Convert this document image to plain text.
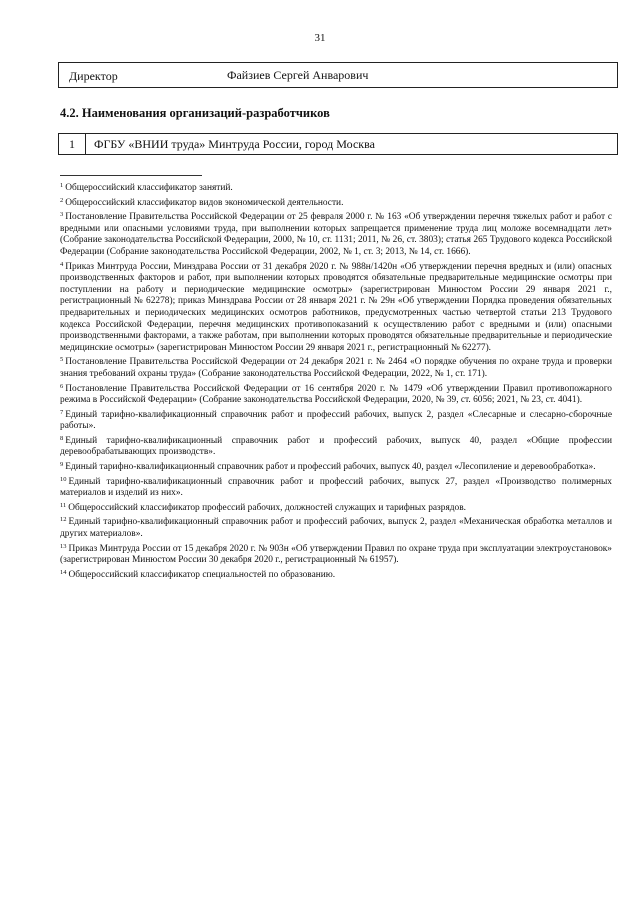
31
Директор	Файзиев Сергей Анварович
4.2. Наименования организаций-разработчиков
1	ФГБУ «ВНИИ труда» Минтруда России, город Москва

$^1$ Общероссийский классификатор занятий.

$^2$ Общероссийский классификатор видов экономической деятельности.

$^3$ Постановление Правительства Российской Федерации от 25 февраля 2000 г. № 163 «Об утверждении перечня тяжелых работ и работ с вредными или опасными условиями труда, при выполнении которых запрещается применение труда лиц моложе восемнадцати лет» (Собрание законодательства Российской Федерации, 2000, № 10, ст. 1131; 2011, № 26, ст. 3803); статья 265 Трудового кодекса Российской Федерации (Собрание законодательства Российской Федерации, 2002, № 1, ст. 3; 2013, № 14, ст. 1666).

$^4$ Приказ Минтруда России, Минздрава России от 31 декабря 2020 г. № 988н/1420н «Об утверждении перечня вредных и (или) опасных производственных факторов и работ, при выполнении которых проводятся обязательные предварительные медицинские осмотры при поступлении на работу и периодические медицинские осмотры» (зарегистрирован Минюстом России 29 января 2021 г., регистрационный № 62278); приказ Минздрава России от 28 января 2021 г. № 29н «Об утверждении Порядка проведения обязательных предварительных и периодических медицинских осмотров работников, предусмотренных частью четвертой статьи 213 Трудового кодекса Российской Федерации, перечня медицинских противопоказаний к осуществлению работ с вредными и (или) опасными производственными факторами, а также работам, при выполнении которых проводятся обязательные предварительные и периодические медицинские осмотры» (зарегистрирован Минюстом России 29 января 2021 г., регистрационный № 62277).

$^5$ Постановление Правительства Российской Федерации от 24 декабря 2021 г. № 2464 «О порядке обучения по охране труда и проверки знания требований охраны труда» (Собрание законодательства Российской Федерации, 2022, № 1, ст. 171).

$^6$ Постановление Правительства Российской Федерации от 16 сентября 2020 г. № 1479 «Об утверждении Правил противопожарного режима в Российской Федерации» (Собрание законодательства Российской Федерации, 2020, № 39, ст. 6056; 2021, № 23, ст. 4041).

$^7$ Единый тарифно-квалификационный справочник работ и профессий рабочих, выпуск 2, раздел «Слесарные и слесарно-сборочные работы».

$^8$ Единый тарифно-квалификационный справочник работ и профессий рабочих, выпуск 40, раздел «Общие профессии деревообрабатывающих производств».

$^9$ Единый тарифно-квалификационный справочник работ и профессий рабочих, выпуск 40, раздел «Лесопиление и деревообработка».

$^{10}$ Единый тарифно-квалификационный справочник работ и профессий рабочих, выпуск 27, раздел «Производство полимерных материалов и изделий из них».

$^{11}$ Общероссийский классификатор профессий рабочих, должностей служащих и тарифных разрядов.

$^{12}$ Единый тарифно-квалификационный справочник работ и профессий рабочих, выпуск 2, раздел «Механическая обработка металлов и других материалов».

$^{13}$ Приказ Минтруда России от 15 декабря 2020 г. № 903н «Об утверждении Правил по охране труда при эксплуатации электроустановок» (зарегистрирован Минюстом России 30 декабря 2020 г., регистрационный № 61957).

$^{14}$ Общероссийский классификатор специальностей по образованию.
